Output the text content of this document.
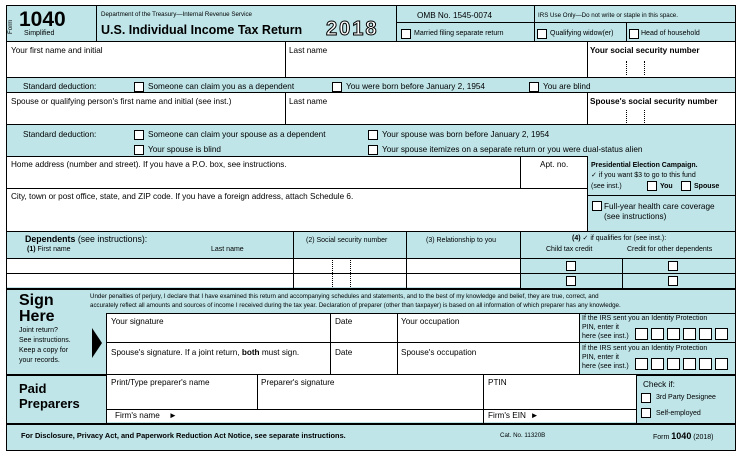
Form 1040
Simplified
Department of the Treasury—Internal Revenue Service
U.S. Individual Income Tax Return 2018
OMB No. 1545-0074	IRS Use Only—Do not write or staple in this space.
Married filing separate return	Qualifying widow(er)	Head of household
Your first name and initial	Last name	Your social security number
Standard deduction:	Someone can claim you as a dependent	You were born before January 2, 1954	You are blind
Spouse or qualifying person's first name and initial (see inst.)	Last name	Spouse's social security number
Standard deduction:	Someone can claim your spouse as a dependent	Your spouse was born before January 2, 1954
Your spouse is blind	Your spouse itemizes on a separate return or you were dual-status alien
Home address (number and street). If you have a P.O. box, see instructions.	Apt. no.
City, town or post office, state, and ZIP code. If you have a foreign address, attach Schedule 6.
Presidential Election Campaign.
✓ if you want $3 to go to this fund
(see inst.)	You	Spouse
Full-year health care coverage
(see instructions)
Dependents (see instructions):
(1) First name	Last name
(2) Social security number	(3) Relationship to you	(4) ✓ if qualifies for (see inst.):
Child tax credit	Credit for other dependents
Sign
Here
Joint return?
See instructions.
Keep a copy for
your records.
Under penalties of perjury, I declare that I have examined this return and accompanying schedules and statements, and to the best of my knowledge and belief, they are true, correct, and
accurately reflect all amounts and sources of income I received during the tax year. Declaration of preparer (other than taxpayer) is based on all information of which preparer has any knowledge.
Your signature	Date	Your occupation	If the IRS sent you an Identity Protection
PIN, enter it
here (see inst.)
Spouse's signature. If a joint return, both must sign.	Date	Spouse's occupation	If the IRS sent you an Identity Protection
PIN, enter it
here (see inst.)
Paid
Preparers
Print/Type preparer's name	Preparer's signature	PTIN	Check if:
3rd Party Designee
Self-employed
Firm's name ►	Firm's EIN ►
For Disclosure, Privacy Act, and Paperwork Reduction Act Notice, see separate instructions.	Cat. No. 11320B	Form 1040 (2018)
